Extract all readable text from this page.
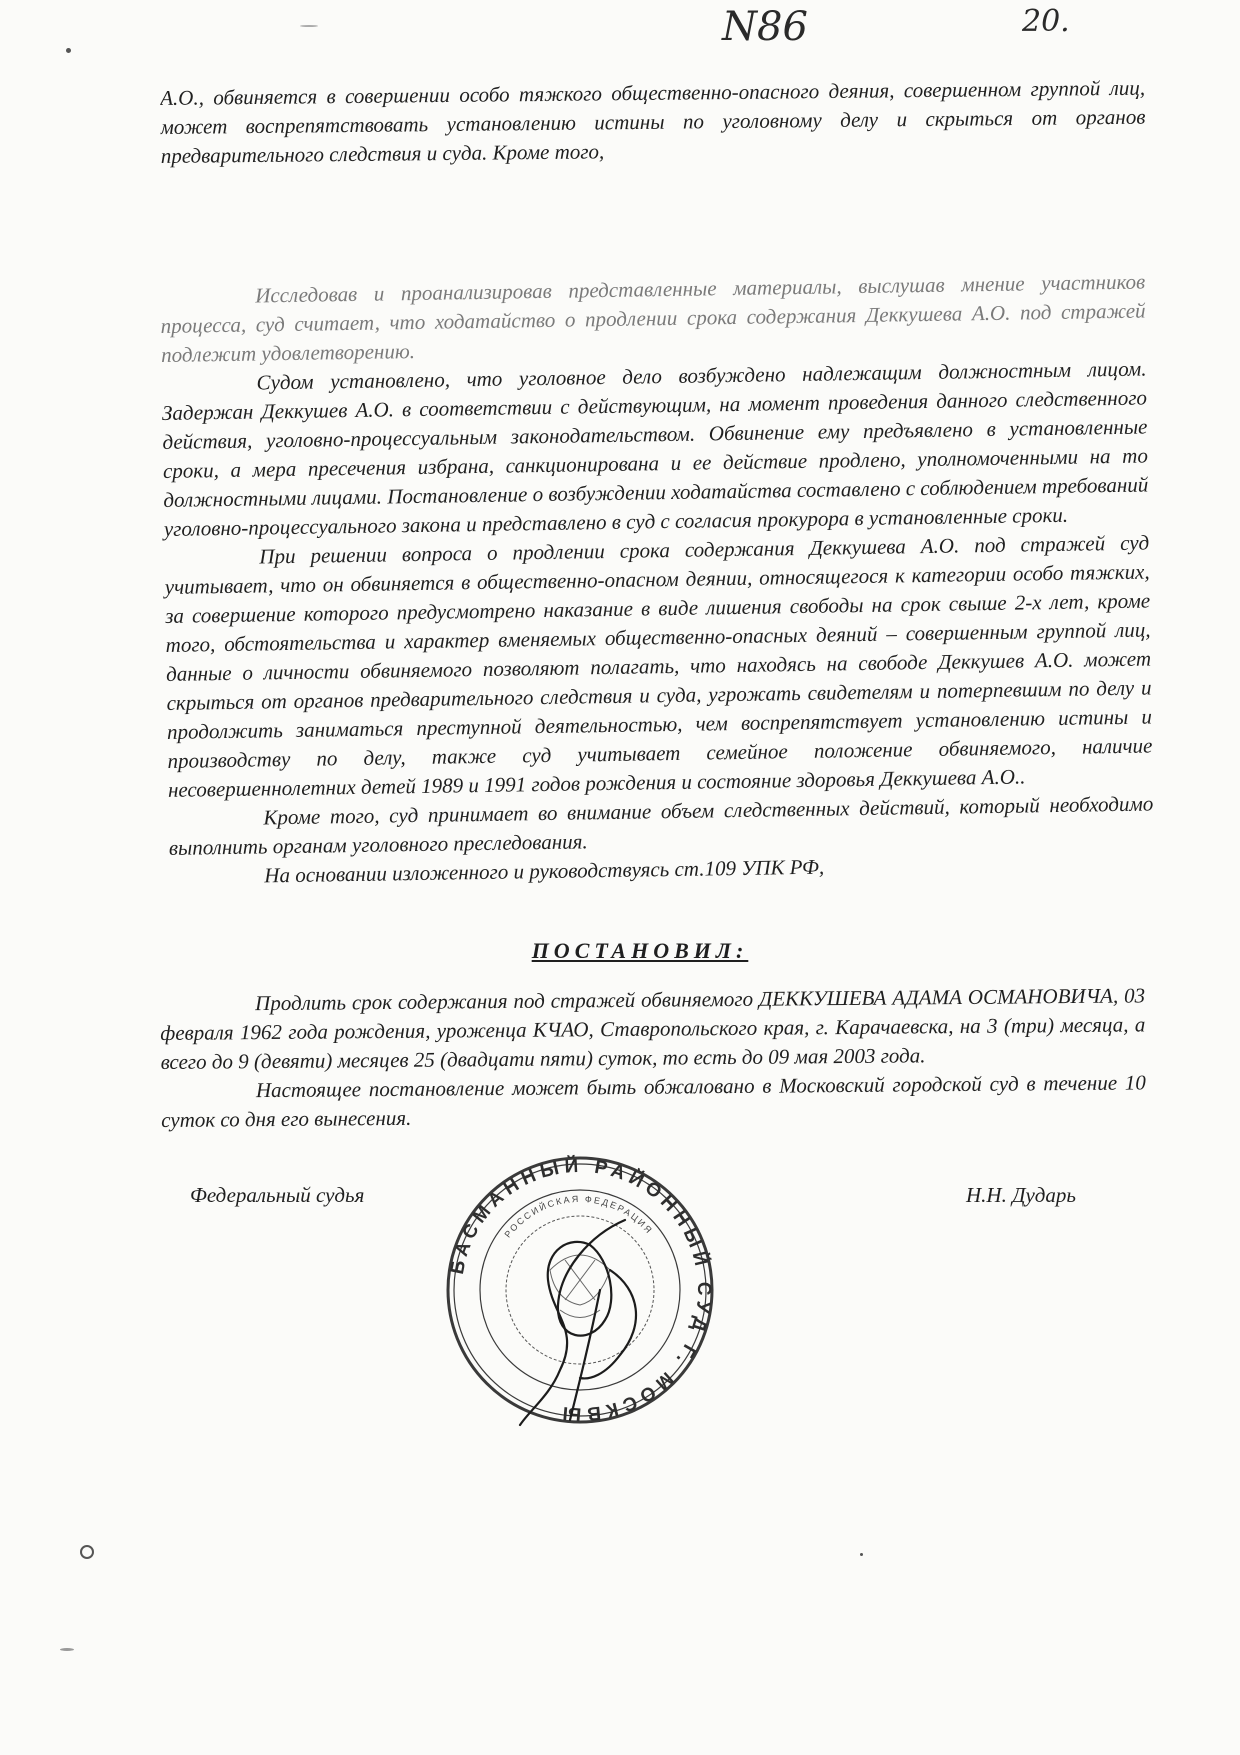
N86	20.

А.О., обвиняется в совершении особо тяжкого общественно-опасного деяния, совершенном группой лиц, может воспрепятствовать установлению истины по уголовному делу и скрыться от органов предварительного следствия и суда. Кроме того,

Исследовав и проанализировав представленные материалы, выслушав мнение участников процесса, суд считает, что ходатайство о продлении срока содержания Деккушева А.О. под стражей подлежит удовлетворению.

Судом установлено, что уголовное дело возбуждено надлежащим должностным лицом. Задержан Деккушев А.О. в соответствии с действующим, на момент проведения данного следственного действия, уголовно-процессуальным законодательством. Обвинение ему предъявлено в установленные сроки, а мера пресечения избрана, санкционирована и ее действие продлено, уполномоченными на то должностными лицами. Постановление о возбуждении ходатайства составлено с соблюдением требований уголовно-процессуального закона и представлено в суд с согласия прокурора в установленные сроки.

При решении вопроса о продлении срока содержания Деккушева А.О. под стражей суд учитывает, что он обвиняется в общественно-опасном деянии, относящегося к категории особо тяжких, за совершение которого предусмотрено наказание в виде лишения свободы на срок свыше 2-х лет, кроме того, обстоятельства и характер вменяемых общественно-опасных деяний – совершенным группой лиц, данные о личности обвиняемого позволяют полагать, что находясь на свободе Деккушев А.О. может скрыться от органов предварительного следствия и суда, угрожать свидетелям и потерпевшим по делу и продолжить заниматься преступной деятельностью, чем воспрепятствует установлению истины и производству по делу, также суд учитывает семейное положение обвиняемого, наличие несовершеннолетних детей 1989 и 1991 годов рождения и состояние здоровья Деккушева А.О..

Кроме того, суд принимает во внимание объем следственных действий, который необходимо выполнить органам уголовного преследования.

На основании изложенного и руководствуясь ст.109 УПК РФ,

ПОСТАНОВИЛ:

Продлить срок содержания под стражей обвиняемого ДЕККУШЕВА АДАМА ОСМАНОВИЧА, 03 февраля 1962 года рождения, уроженца КЧАО, Ставропольского края, г. Карачаевска, на 3 (три) месяца, а всего до 9 (девяти) месяцев 25 (двадцати пяти) суток, то есть до 09 мая 2003 года.

Настоящее постановление может быть обжаловано в Московский городской суд в течение 10 суток со дня его вынесения.

Федеральный судья	Н.Н. Дударь
БАСМАННЫЙ РАЙОННЫЙ СУД Г. МОСКВЫ
РОССИЙСКАЯ ФЕДЕРАЦИЯ
